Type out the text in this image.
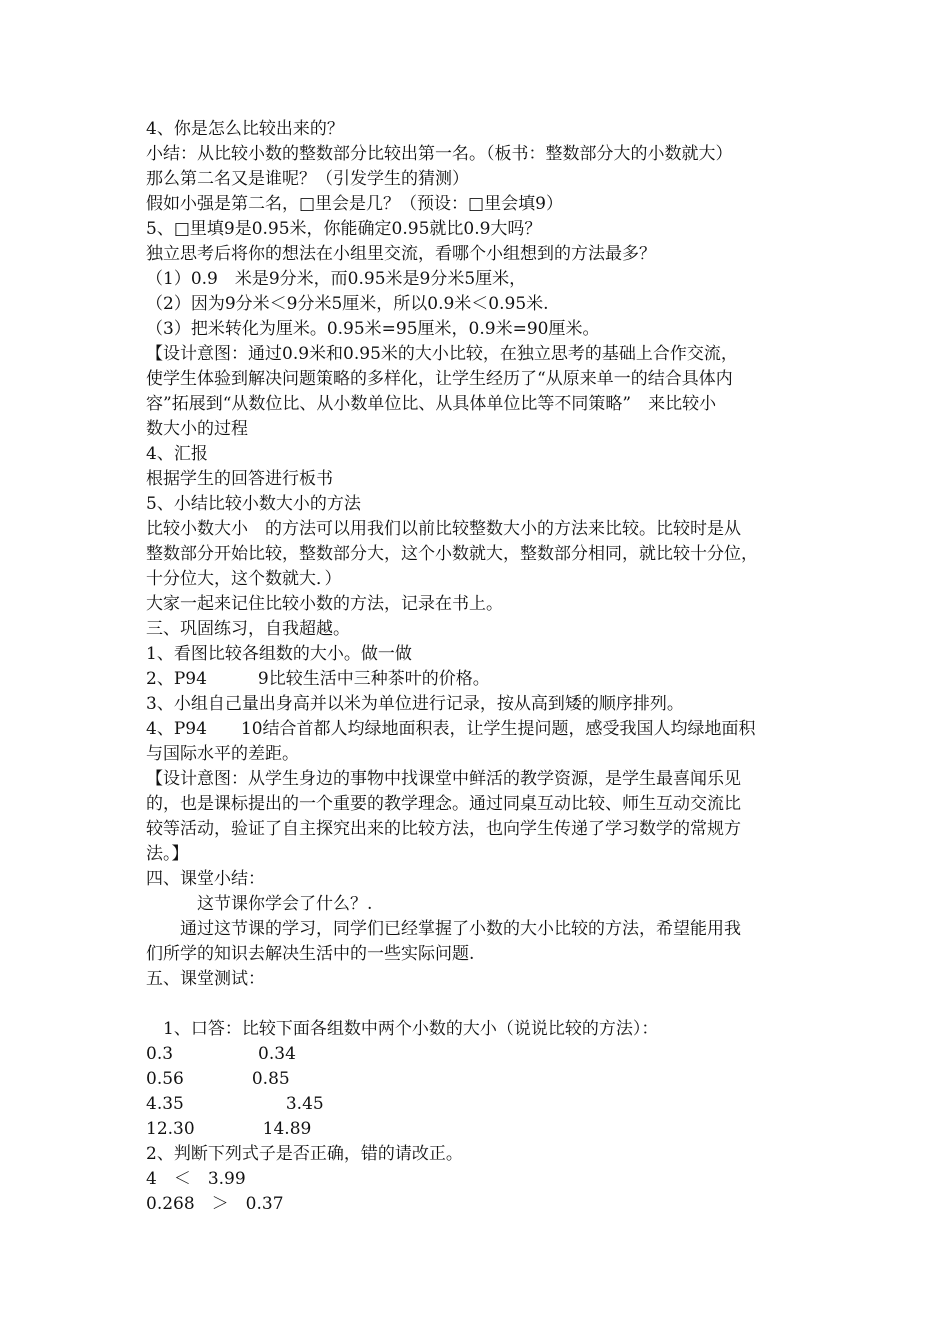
4、你是怎么比较出来的？
小结：从比较小数的整数部分比较出第一名。（板书：整数部分大的小数就大）
那么第二名又是谁呢？（引发学生的猜测）
假如小强是第二名，□里会是几？（预设：□里会填9）
5、□里填9是0.95米，你能确定0.95就比0.9大吗？
独立思考后将你的想法在小组里交流，看哪个小组想到的方法最多？
（1）0.9　米是9分米，而0.95米是9分米5厘米，
（2）因为9分米＜9分米5厘米，所以0.9米＜0.95米.
（3）把米转化为厘米。0.95米=95厘米，0.9米=90厘米。
【设计意图：通过0.9米和0.95米的大小比较，在独立思考的基础上合作交流，
使学生体验到解决问题策略的多样化，让学生经历了“从原来单一的结合具体内
容”拓展到“从数位比、从小数单位比、从具体单位比等不同策略”　来比较小
数大小的过程
4、汇报
根据学生的回答进行板书
5、小结比较小数大小的方法
比较小数大小　的方法可以用我们以前比较整数大小的方法来比较。比较时是从
整数部分开始比较，整数部分大，这个小数就大，整数部分相同，就比较十分位，
十分位大，这个数就大．）
大家一起来记住比较小数的方法，记录在书上。
三、巩固练习，自我超越。
1、看图比较各组数的大小。做一做
2、P94　　　9比较生活中三种茶叶的价格。
3、小组自己量出身高并以米为单位进行记录，按从高到矮的顺序排列。
4、P94　　10结合首都人均绿地面积表，让学生提问题，感受我国人均绿地面积
与国际水平的差距。
【设计意图：从学生身边的事物中找课堂中鲜活的教学资源，是学生最喜闻乐见
的，也是课标提出的一个重要的教学理念。通过同桌互动比较、师生互动交流比
较等活动，验证了自主探究出来的比较方法，也向学生传递了学习数学的常规方
法。】
四、课堂小结：
　　　这节课你学会了什么？.
　　通过这节课的学习，同学们已经掌握了小数的大小比较的方法，希望能用我
们所学的知识去解决生活中的一些实际问题.
五、课堂测试：
　1、口答：比较下面各组数中两个小数的大小（说说比较的方法）：
0.3　　　　　0.34
0.56　　　　0.85
4.35　　　　　　3.45
12.30　　　　14.89
2、判断下列式子是否正确，错的请改正。
4　＜　3.99
0.268　＞　0.37
